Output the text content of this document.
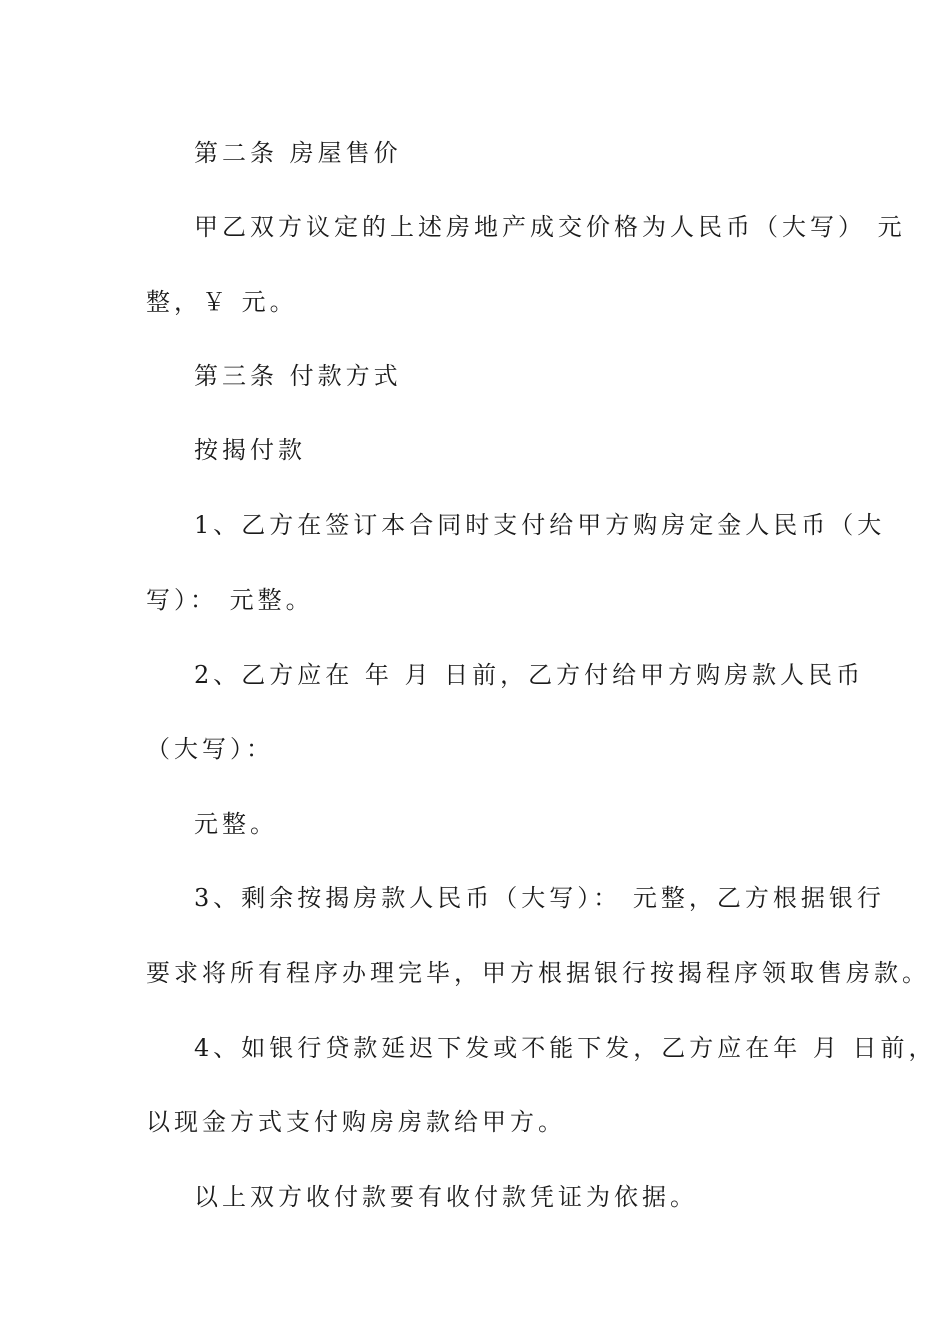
第二条 房屋售价
甲乙双方议定的上述房地产成交价格为人民币（大写） 元
整，￥ 元。
第三条 付款方式
按揭付款
1、乙方在签订本合同时支付给甲方购房定金人民币（大
写）： 元整。
2、乙方应在 年 月 日前，乙方付给甲方购房款人民币
（大写）：
元整。
3、剩余按揭房款人民币（大写）： 元整，乙方根据银行
要求将所有程序办理完毕，甲方根据银行按揭程序领取售房款。
4、如银行贷款延迟下发或不能下发，乙方应在年 月 日前，
以现金方式支付购房房款给甲方。
以上双方收付款要有收付款凭证为依据。
